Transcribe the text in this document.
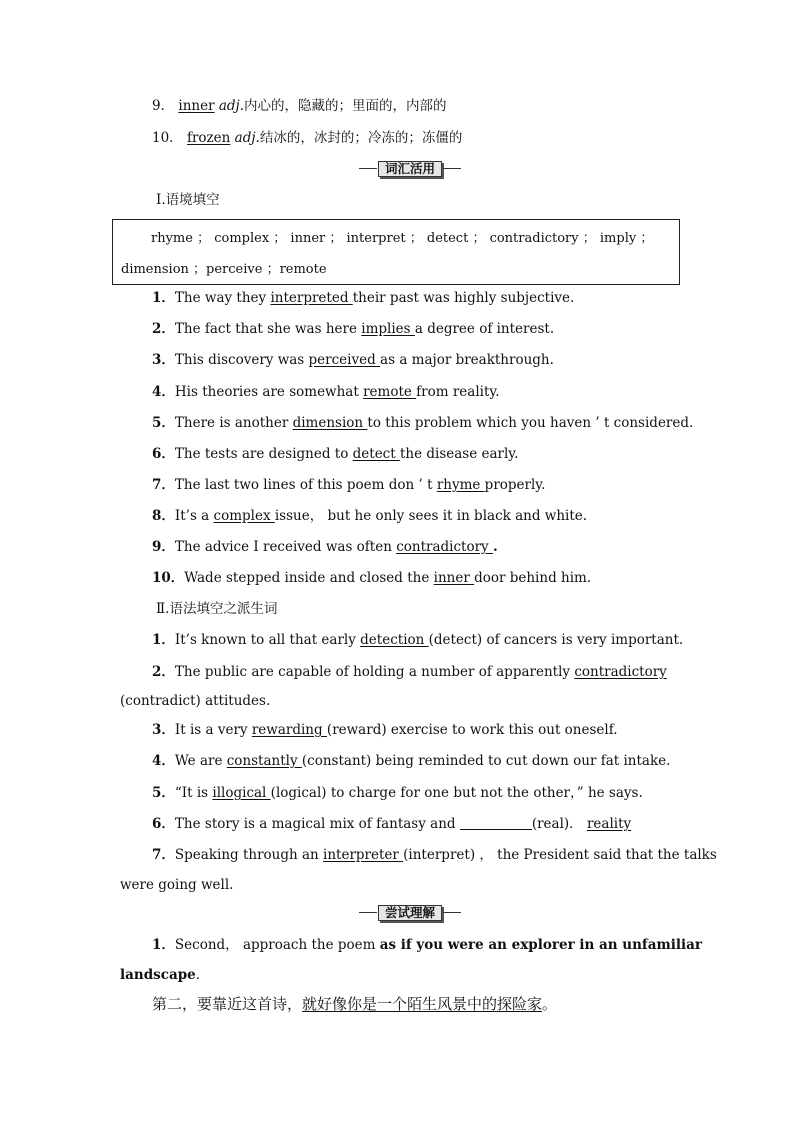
9． inner adj.内心的，隐藏的；里面的，内部的
10． frozen adj.结冰的，冰封的；冷冻的；冻僵的
词汇活用
Ⅰ.语境填空
rhyme ； complex ； inner ； interpret ； detect ； contradictory ； imply ；
dimension ；perceive ；remote
1．The way they interpreted their past was highly subjective.
2．The fact that she was here implies a degree of interest.
3．This discovery was perceived as a major breakthrough.
4．His theories are somewhat remote from reality.
5．There is another dimension to this problem which you haven ’ t considered.
6．The tests are designed to detect the disease early.
7．The last two lines of this poem don ’ t rhyme properly.
8．It’s a complex issue， but he only sees it in black and white.
9．The advice I received was often contradictory .
10．Wade stepped inside and closed the inner door behind him.
Ⅱ.语法填空之派生词
1．It’s known to all that early detection (detect) of cancers is very important.
2．The public are capable of holding a number of apparently contradictory
(contradict) attitudes.
3．It is a very rewarding (reward) exercise to work this out oneself.
4．We are constantly (constant) being reminded to cut down our fat intake.
5．“It is illogical (logical) to charge for one but not the other，” he says.
6．The story is a magical mix of fantasy and	(real)． reality
7．Speaking through an interpreter (interpret) ， the President said that the talks
were going well.
尝试理解
1．Second， approach the poem as if you were an explorer in an unfamiliar
landscape.
第二，要靠近这首诗，就好像你是一个陌生风景中的探险家。
